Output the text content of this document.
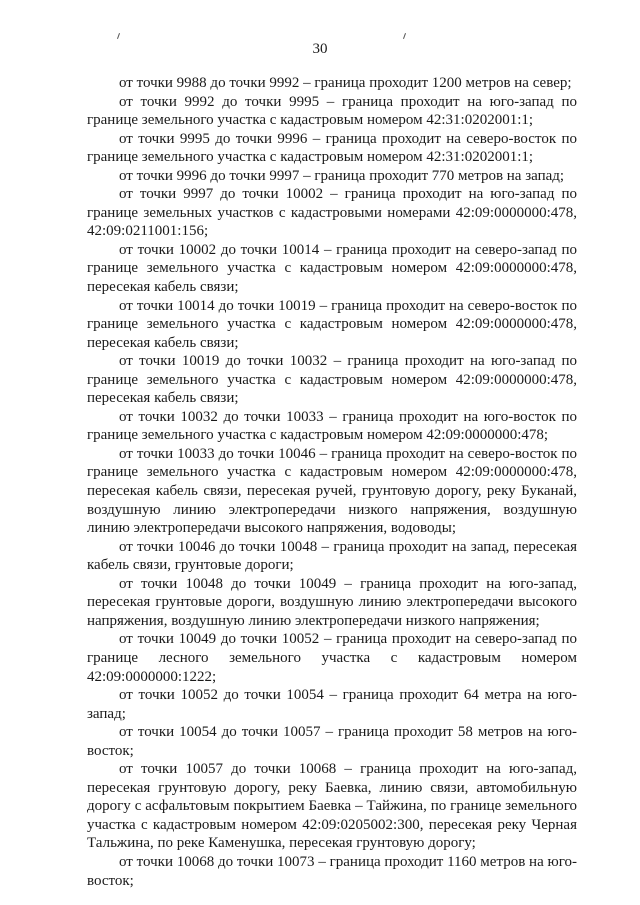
30

от точки 9988 до точки 9992 – граница проходит 1200 метров на север;

от точки 9992 до точки 9995 – граница проходит на юго-запад по границе земельного участка с кадастровым номером 42:31:0202001:1;

от точки 9995 до точки 9996 – граница проходит на северо-восток по границе земельного участка с кадастровым номером 42:31:0202001:1;

от точки 9996 до точки 9997 – граница проходит 770 метров на запад;

от точки 9997 до точки 10002 – граница проходит на юго-запад по границе земельных участков с кадастровыми номерами 42:09:0000000:478, 42:09:0211001:156;

от точки 10002 до точки 10014 – граница проходит на северо-запад по границе земельного участка с кадастровым номером 42:09:0000000:478, пересекая кабель связи;

от точки 10014 до точки 10019 – граница проходит на северо-восток по границе земельного участка с кадастровым номером 42:09:0000000:478, пересекая кабель связи;

от точки 10019 до точки 10032 – граница проходит на юго-запад по границе земельного участка с кадастровым номером 42:09:0000000:478, пересекая кабель связи;

от точки 10032 до точки 10033 – граница проходит на юго-восток по границе земельного участка с кадастровым номером 42:09:0000000:478;

от точки 10033 до точки 10046 – граница проходит на северо-восток по границе земельного участка с кадастровым номером 42:09:0000000:478, пересекая кабель связи, пересекая ручей, грунтовую дорогу, реку Буканай, воздушную линию электропередачи низкого напряжения, воздушную линию электропередачи высокого напряжения, водоводы;

от точки 10046 до точки 10048 – граница проходит на запад, пересекая кабель связи, грунтовые дороги;

от точки 10048 до точки 10049 – граница проходит на юго-запад, пересекая грунтовые дороги, воздушную линию электропередачи высокого напряжения, воздушную линию электропередачи низкого напряжения;

от точки 10049 до точки 10052 – граница проходит на северо-запад по границе лесного земельного участка с кадастровым номером 42:09:0000000:1222;

от точки 10052 до точки 10054 – граница проходит 64 метра на юго-запад;

от точки 10054 до точки 10057 – граница проходит 58 метров на юго-восток;

от точки 10057 до точки 10068 – граница проходит на юго-запад, пересекая грунтовую дорогу, реку Баевка, линию связи, автомобильную дорогу с асфальтовым покрытием Баевка – Тайжина, по границе земельного участка с кадастровым номером 42:09:0205002:300, пересекая реку Черная Тальжина, по реке Каменушка, пересекая грунтовую дорогу;

от точки 10068 до точки 10073 – граница проходит 1160 метров на юго-восток;
